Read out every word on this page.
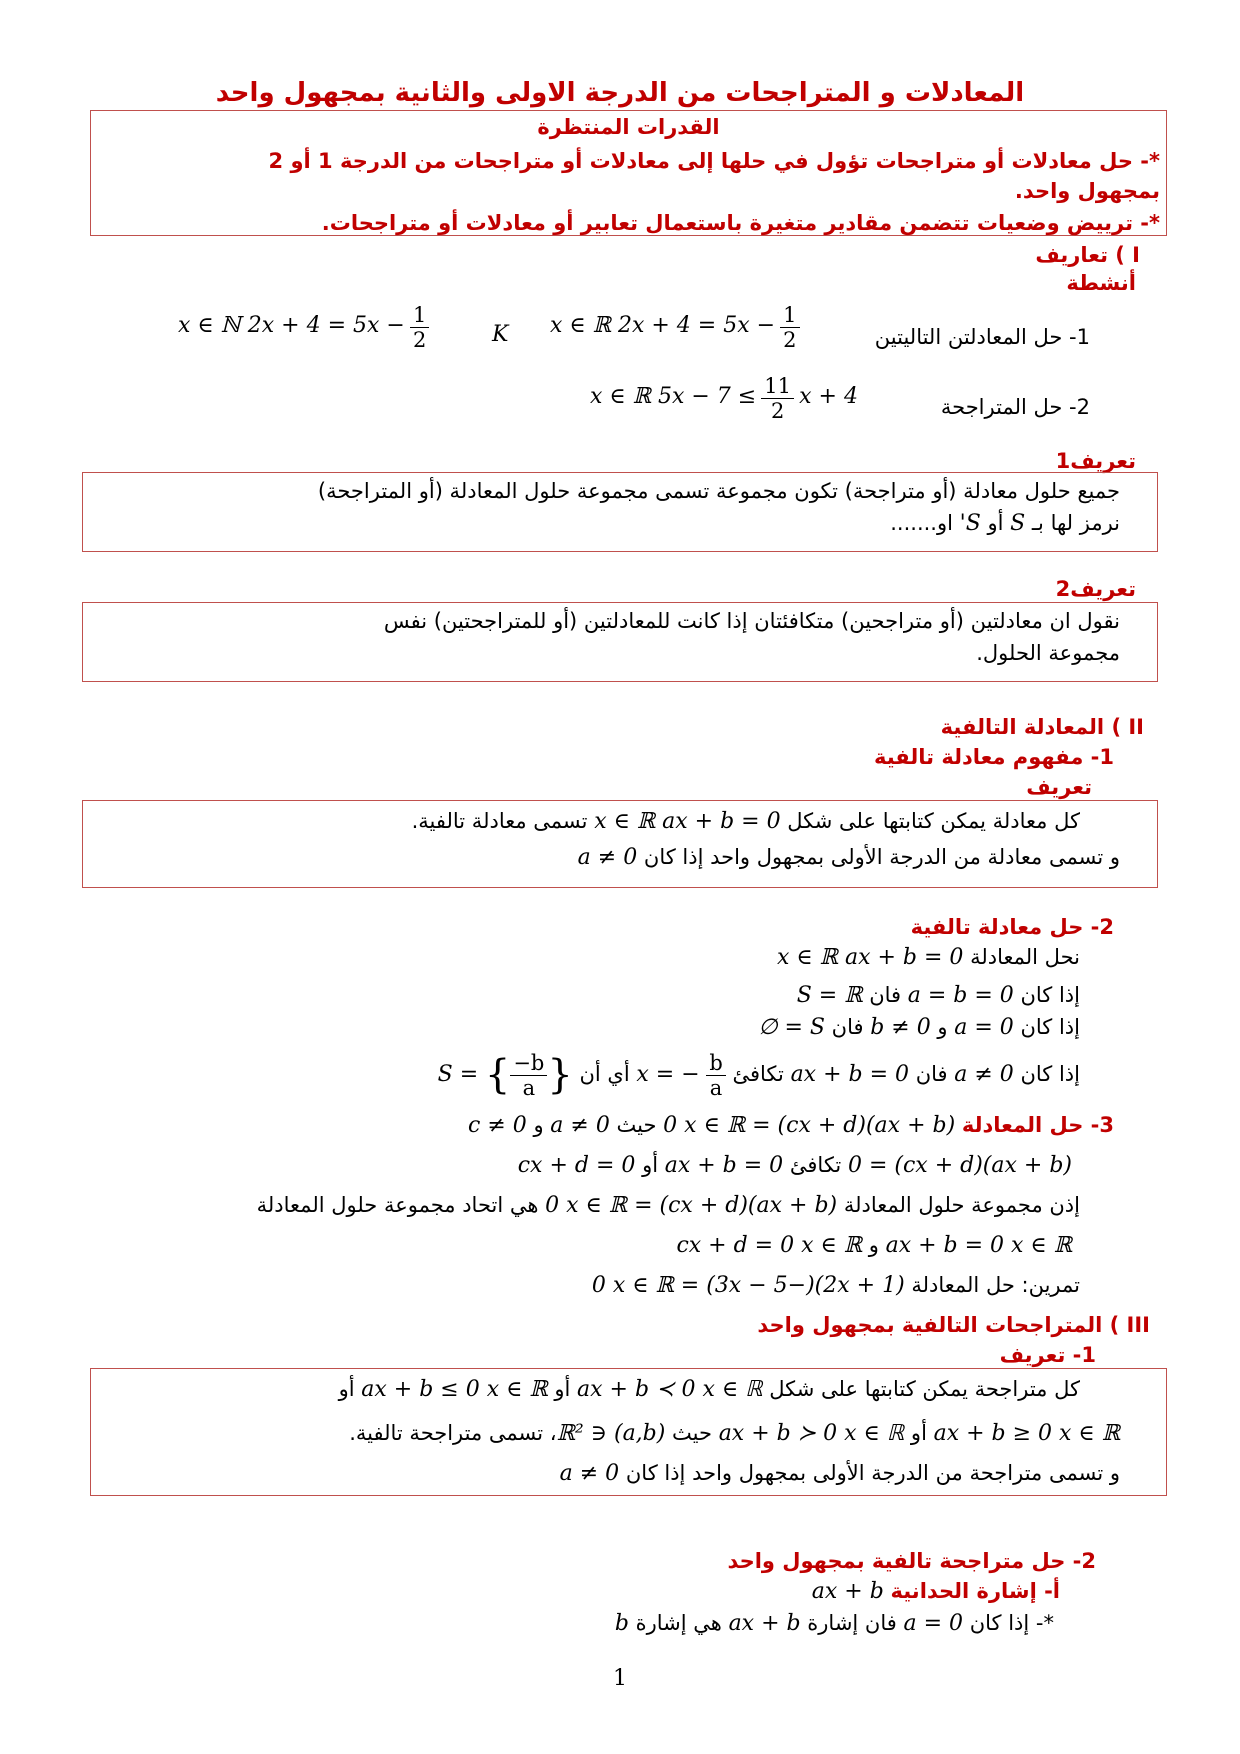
المعادلات و المتراجحات من الدرجة الاولى والثانية بمجهول واحد
القدرات المنتظرة
*- حل معادلات أو متراجحات تؤول في حلها إلى معادلات أو متراجحات من الدرجة 1 أو 2
بمجهول واحد.
*- ترييض وضعيات تتضمن مقادير متغيرة باستعمال تعابير أو معادلات أو متراجحات.
I ) تعاريف
أنشطة
1- حل المعادلتن التاليتين
x ∈ ℝ $2x + 4 = 5x - \frac{1}{2}$
K
x ∈ ℕ $2x + 4 = 5x - \frac{1}{2}$
2- حل المتراجحة
x ∈ ℝ $5x - 7 \le \frac{11}{2}$ x + 4
تعريف1
جميع حلول معادلة (أو متراجحة) تكون مجموعة تسمى مجموعة حلول المعادلة (أو المتراجحة)
نرمز لها بـ S أو S' او.......
تعريف2
نقول ان معادلتين (أو متراجحين) متكافئتان إذا كانت للمعادلتين (أو للمتراجحتين) نفس
مجموعة الحلول.
II ) المعادلة التالفية
1- مفهوم معادلة تالفية
تعريف
كل معادلة يمكن كتابتها على شكل x ∈ ℝ ax + b = 0 تسمى معادلة تالفية.
و تسمى معادلة من الدرجة الأولى بمجهول واحد إذا كان a ≠ 0
2- حل معادلة تالفية
نحل المعادلة x ∈ ℝ ax + b = 0
إذا كان a = b = 0 فان S = ℝ
إذا كان a = 0 و b ≠ 0 فان S = ∅
إذا كان a ≠ 0 فان ax + b = 0 تكافئ x = − $\frac{b}{a}$
أي أن S = { $\frac{-b}{a}$ }
3- حل المعادلة (ax + b)(cx + d) = 0 x ∈ ℝ حيث a ≠ 0 و c ≠ 0
(ax + b)(cx + d) = 0 تكافئ ax + b = 0 أو cx + d = 0
إذن مجموعة حلول المعادلة (ax + b)(cx + d) = 0 x ∈ ℝ هي اتحاد مجموعة حلول المعادلة
ax + b = 0 x ∈ ℝ و cx + d = 0 x ∈ ℝ
تمرين: حل المعادلة (2x + 1)(−3x − 5) = 0 x ∈ ℝ
III ) المتراجحات التالفية بمجهول واحد
1- تعريف
كل متراجحة يمكن كتابتها على شكل ax + b ≺ 0 x ∈ ℝ أو ax + b ≤ 0 x ∈ ℝ أو
ax + b ≥ 0 x ∈ ℝ أو ax + b ≻ 0 x ∈ ℝ حيث (a,b) ∈ ℝ²، تسمى متراجحة تالفية.
و تسمى متراجحة من الدرجة الأولى بمجهول واحد إذا كان a ≠ 0
2- حل متراجحة تالفية بمجهول واحد
أ- إشارة الحدانية ax + b
*- إذا كان a = 0 فان إشارة ax + b هي إشارة b
1
